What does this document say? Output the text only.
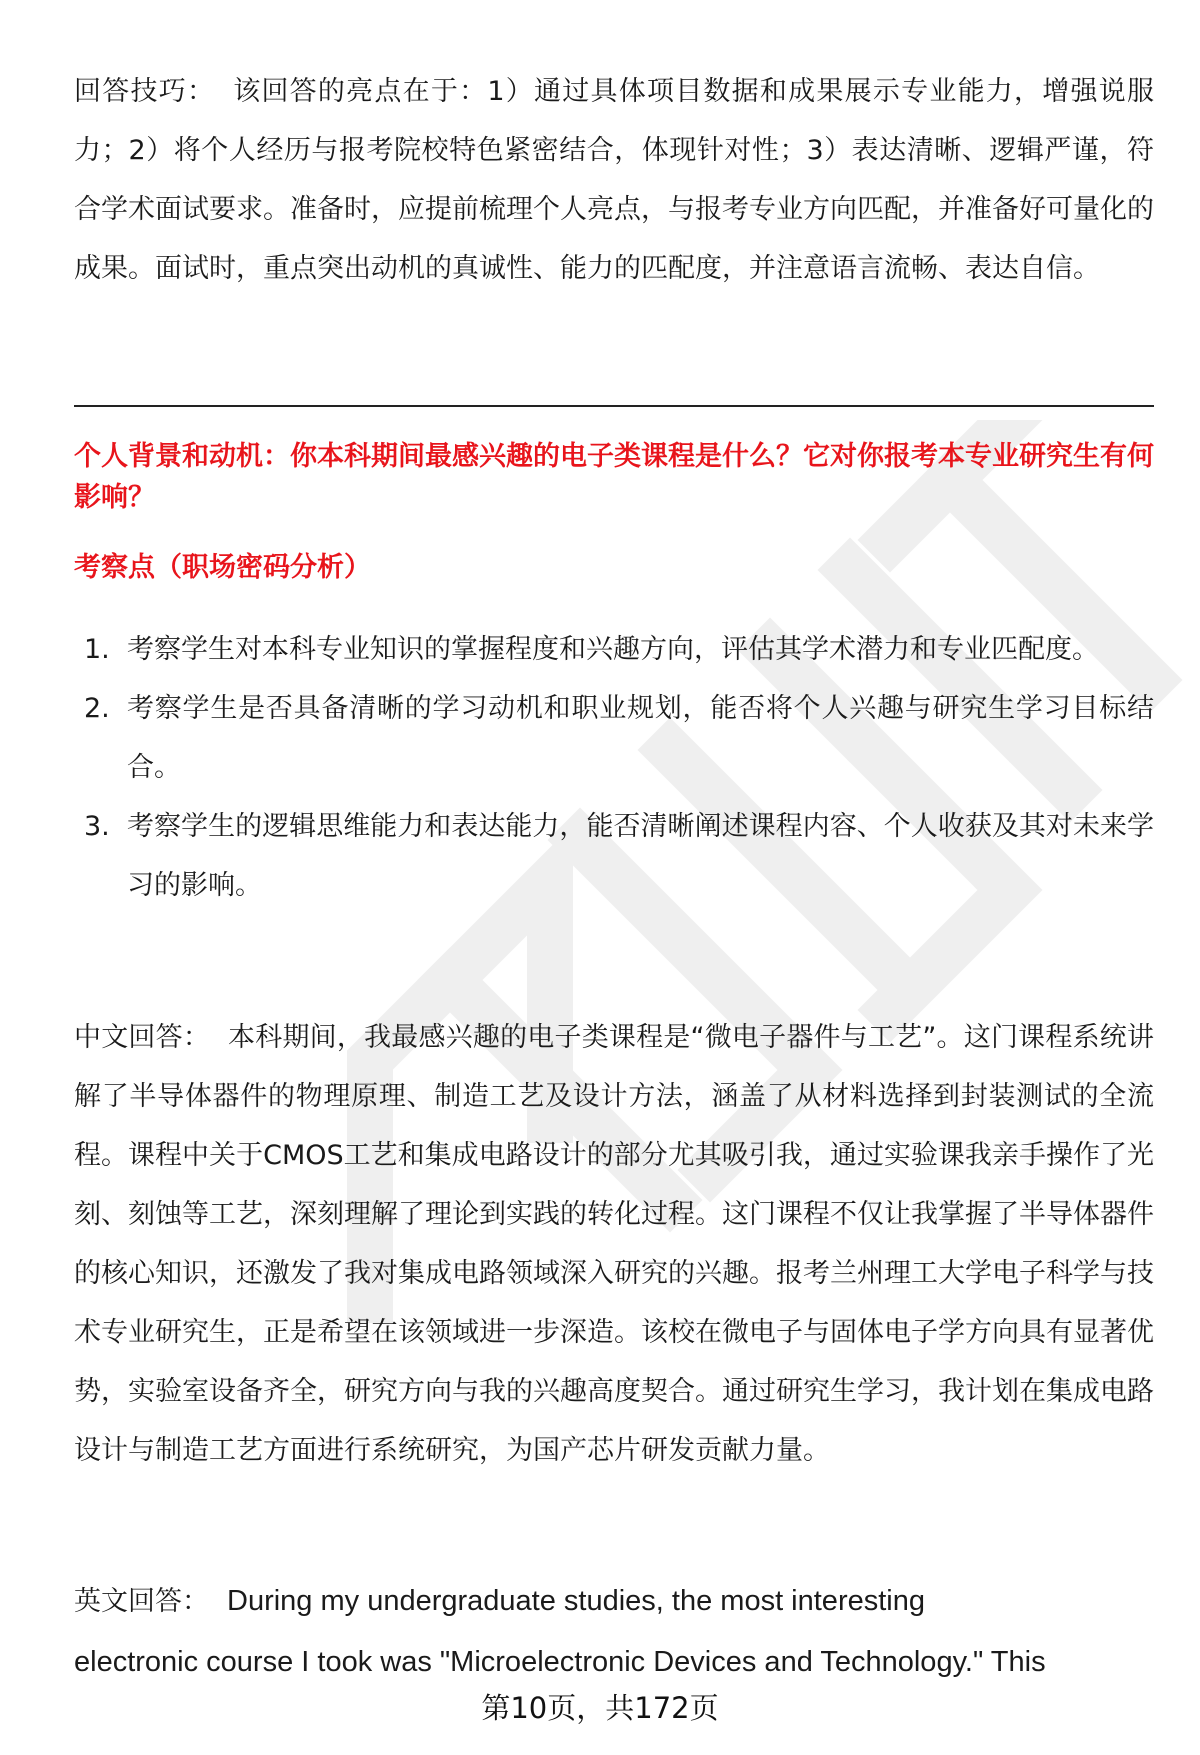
回答技巧： 该回答的亮点在于：1）通过具体项目数据和成果展示专业能力，增强说服力；2）将个人经历与报考院校特色紧密结合，体现针对性；3）表达清晰、逻辑严谨，符合学术面试要求。准备时，应提前梳理个人亮点，与报考专业方向匹配，并准备好可量化的成果。面试时，重点突出动机的真诚性、能力的匹配度，并注意语言流畅、表达自信。

个人背景和动机：你本科期间最感兴趣的电子类课程是什么？它对你报考本专业研究生有何影响？

考察点（职场密码分析）

1. 考察学生对本科专业知识的掌握程度和兴趣方向，评估其学术潜力和专业匹配度。
2. 考察学生是否具备清晰的学习动机和职业规划，能否将个人兴趣与研究生学习目标结合。
3. 考察学生的逻辑思维能力和表达能力，能否清晰阐述课程内容、个人收获及其对未来学习的影响。

中文回答： 本科期间，我最感兴趣的电子类课程是“微电子器件与工艺”。这门课程系统讲解了半导体器件的物理原理、制造工艺及设计方法，涵盖了从材料选择到封装测试的全流程。课程中关于CMOS工艺和集成电路设计的部分尤其吸引我，通过实验课我亲手操作了光刻、刻蚀等工艺，深刻理解了理论到实践的转化过程。这门课程不仅让我掌握了半导体器件的核心知识，还激发了我对集成电路领域深入研究的兴趣。报考兰州理工大学电子科学与技术专业研究生，正是希望在该领域进一步深造。该校在微电子与固体电子学方向具有显著优势，实验室设备齐全，研究方向与我的兴趣高度契合。通过研究生学习，我计划在集成电路设计与制造工艺方面进行系统研究，为国产芯片研发贡献力量。

英文回答： During my undergraduate studies, the most interesting
electronic course I took was "Microelectronic Devices and Technology." This
第10页，共172页
